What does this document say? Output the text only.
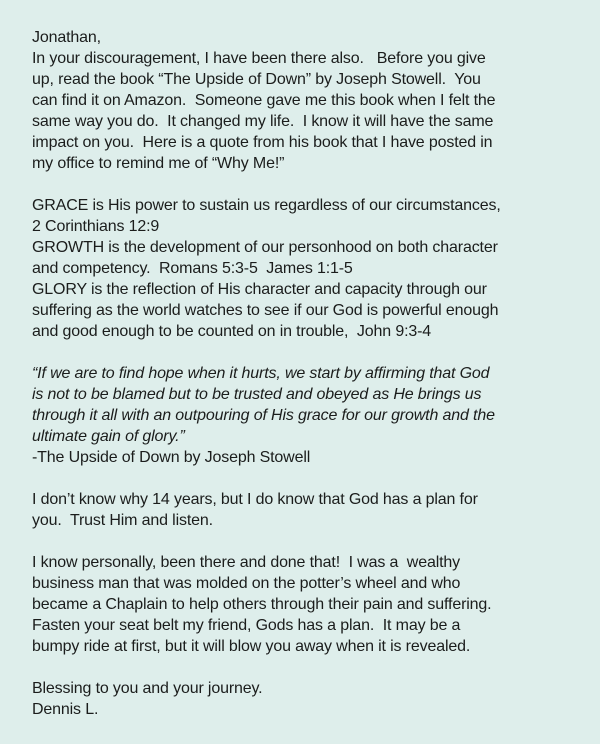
Jonathan,
In your discouragement, I have been there also.   Before you give
up, read the book “The Upside of Down” by Joseph Stowell.  You
can find it on Amazon.  Someone gave me this book when I felt the
same way you do.  It changed my life.  I know it will have the same
impact on you.  Here is a quote from his book that I have posted in
my office to remind me of “Why Me!”
GRACE is His power to sustain us regardless of our circumstances,
2 Corinthians 12:9
GROWTH is the development of our personhood on both character
and competency.  Romans 5:3-5  James 1:1-5
GLORY is the reflection of His character and capacity through our
suffering as the world watches to see if our God is powerful enough
and good enough to be counted on in trouble,  John 9:3-4
“If we are to find hope when it hurts, we start by affirming that God
is not to be blamed but to be trusted and obeyed as He brings us
through it all with an outpouring of His grace for our growth and the
ultimate gain of glory.”
-The Upside of Down by Joseph Stowell
I don’t know why 14 years, but I do know that God has a plan for
you.  Trust Him and listen.
I know personally, been there and done that!  I was a  wealthy
business man that was molded on the potter’s wheel and who
became a Chaplain to help others through their pain and suffering.
Fasten your seat belt my friend, Gods has a plan.  It may be a
bumpy ride at first, but it will blow you away when it is revealed.
Blessing to you and your journey.
Dennis L.
